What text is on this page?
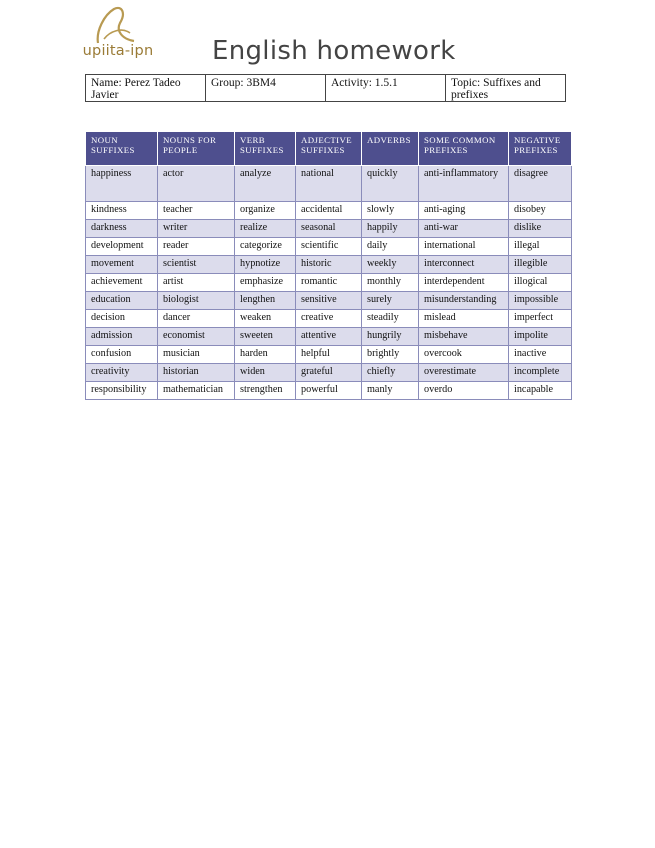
upiita-ipn English homework
Name: Perez Tadeo Javier
Group: 3BM4	Activity: 1.5.1	Topic: Suffixes and prefixes
NOUN SUFFIXES	NOUNS FOR PEOPLE	VERB SUFFIXES	ADJECTIVE SUFFIXES	ADVERBS	SOME COMMON PREFIXES	NEGATIVE PREFIXES
happiness	actor	analyze	national	quickly	anti-inflammatory	disagree
kindness	teacher	organize	accidental	slowly	anti-aging	disobey
darkness	writer	realize	seasonal	happily	anti-war	dislike
development	reader	categorize	scientific	daily	international	illegal
movement	scientist	hypnotize	historic	weekly	interconnect	illegible
achievement	artist	emphasize	romantic	monthly	interdependent	illogical
education	biologist	lengthen	sensitive	surely	misunderstanding	impossible
decision	dancer	weaken	creative	steadily	mislead	imperfect
admission	economist	sweeten	attentive	hungrily	misbehave	impolite
confusion	musician	harden	helpful	brightly	overcook	inactive
creativity	historian	widen	grateful	chiefly	overestimate	incomplete
responsibility	mathematician	strengthen	powerful	manly	overdo	incapable
